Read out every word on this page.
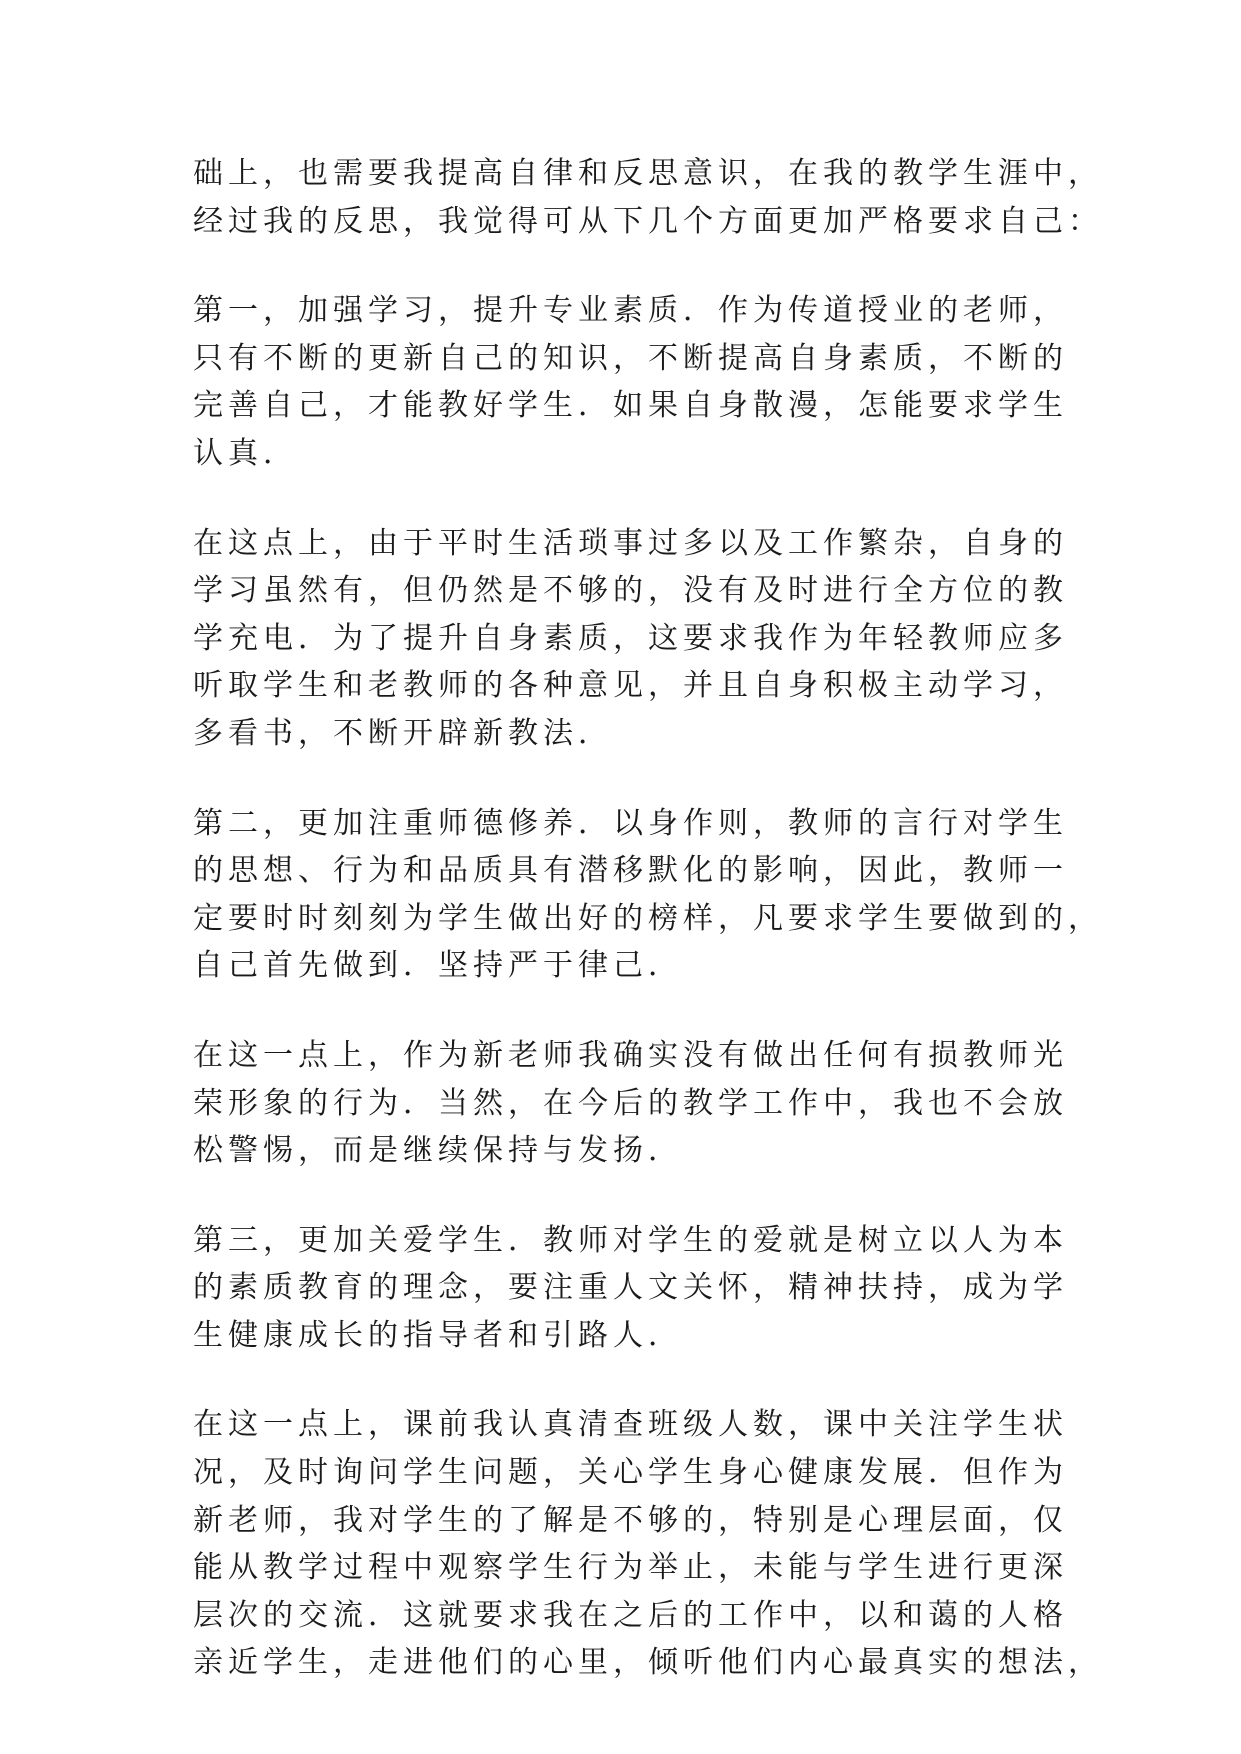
础上，也需要我提高自律和反思意识，在我的教学生涯中，
经过我的反思，我觉得可从下几个方面更加严格要求自己：

第一，加强学习，提升专业素质．作为传道授业的老师，
只有不断的更新自己的知识，不断提高自身素质，不断的
完善自己，才能教好学生．如果自身散漫，怎能要求学生
认真．

在这点上，由于平时生活琐事过多以及工作繁杂，自身的
学习虽然有，但仍然是不够的，没有及时进行全方位的教
学充电．为了提升自身素质，这要求我作为年轻教师应多
听取学生和老教师的各种意见，并且自身积极主动学习，
多看书，不断开辟新教法．

第二，更加注重师德修养．以身作则，教师的言行对学生
的思想、行为和品质具有潜移默化的影响，因此，教师一
定要时时刻刻为学生做出好的榜样，凡要求学生要做到的，
自己首先做到．坚持严于律己．

在这一点上，作为新老师我确实没有做出任何有损教师光
荣形象的行为．当然，在今后的教学工作中，我也不会放
松警惕，而是继续保持与发扬．

第三，更加关爱学生．教师对学生的爱就是树立以人为本
的素质教育的理念，要注重人文关怀，精神扶持，成为学
生健康成长的指导者和引路人．

在这一点上，课前我认真清查班级人数，课中关注学生状
况，及时询问学生问题，关心学生身心健康发展．但作为
新老师，我对学生的了解是不够的，特别是心理层面，仅
能从教学过程中观察学生行为举止，未能与学生进行更深
层次的交流．这就要求我在之后的工作中，以和蔼的人格
亲近学生，走进他们的心里，倾听他们内心最真实的想法，
